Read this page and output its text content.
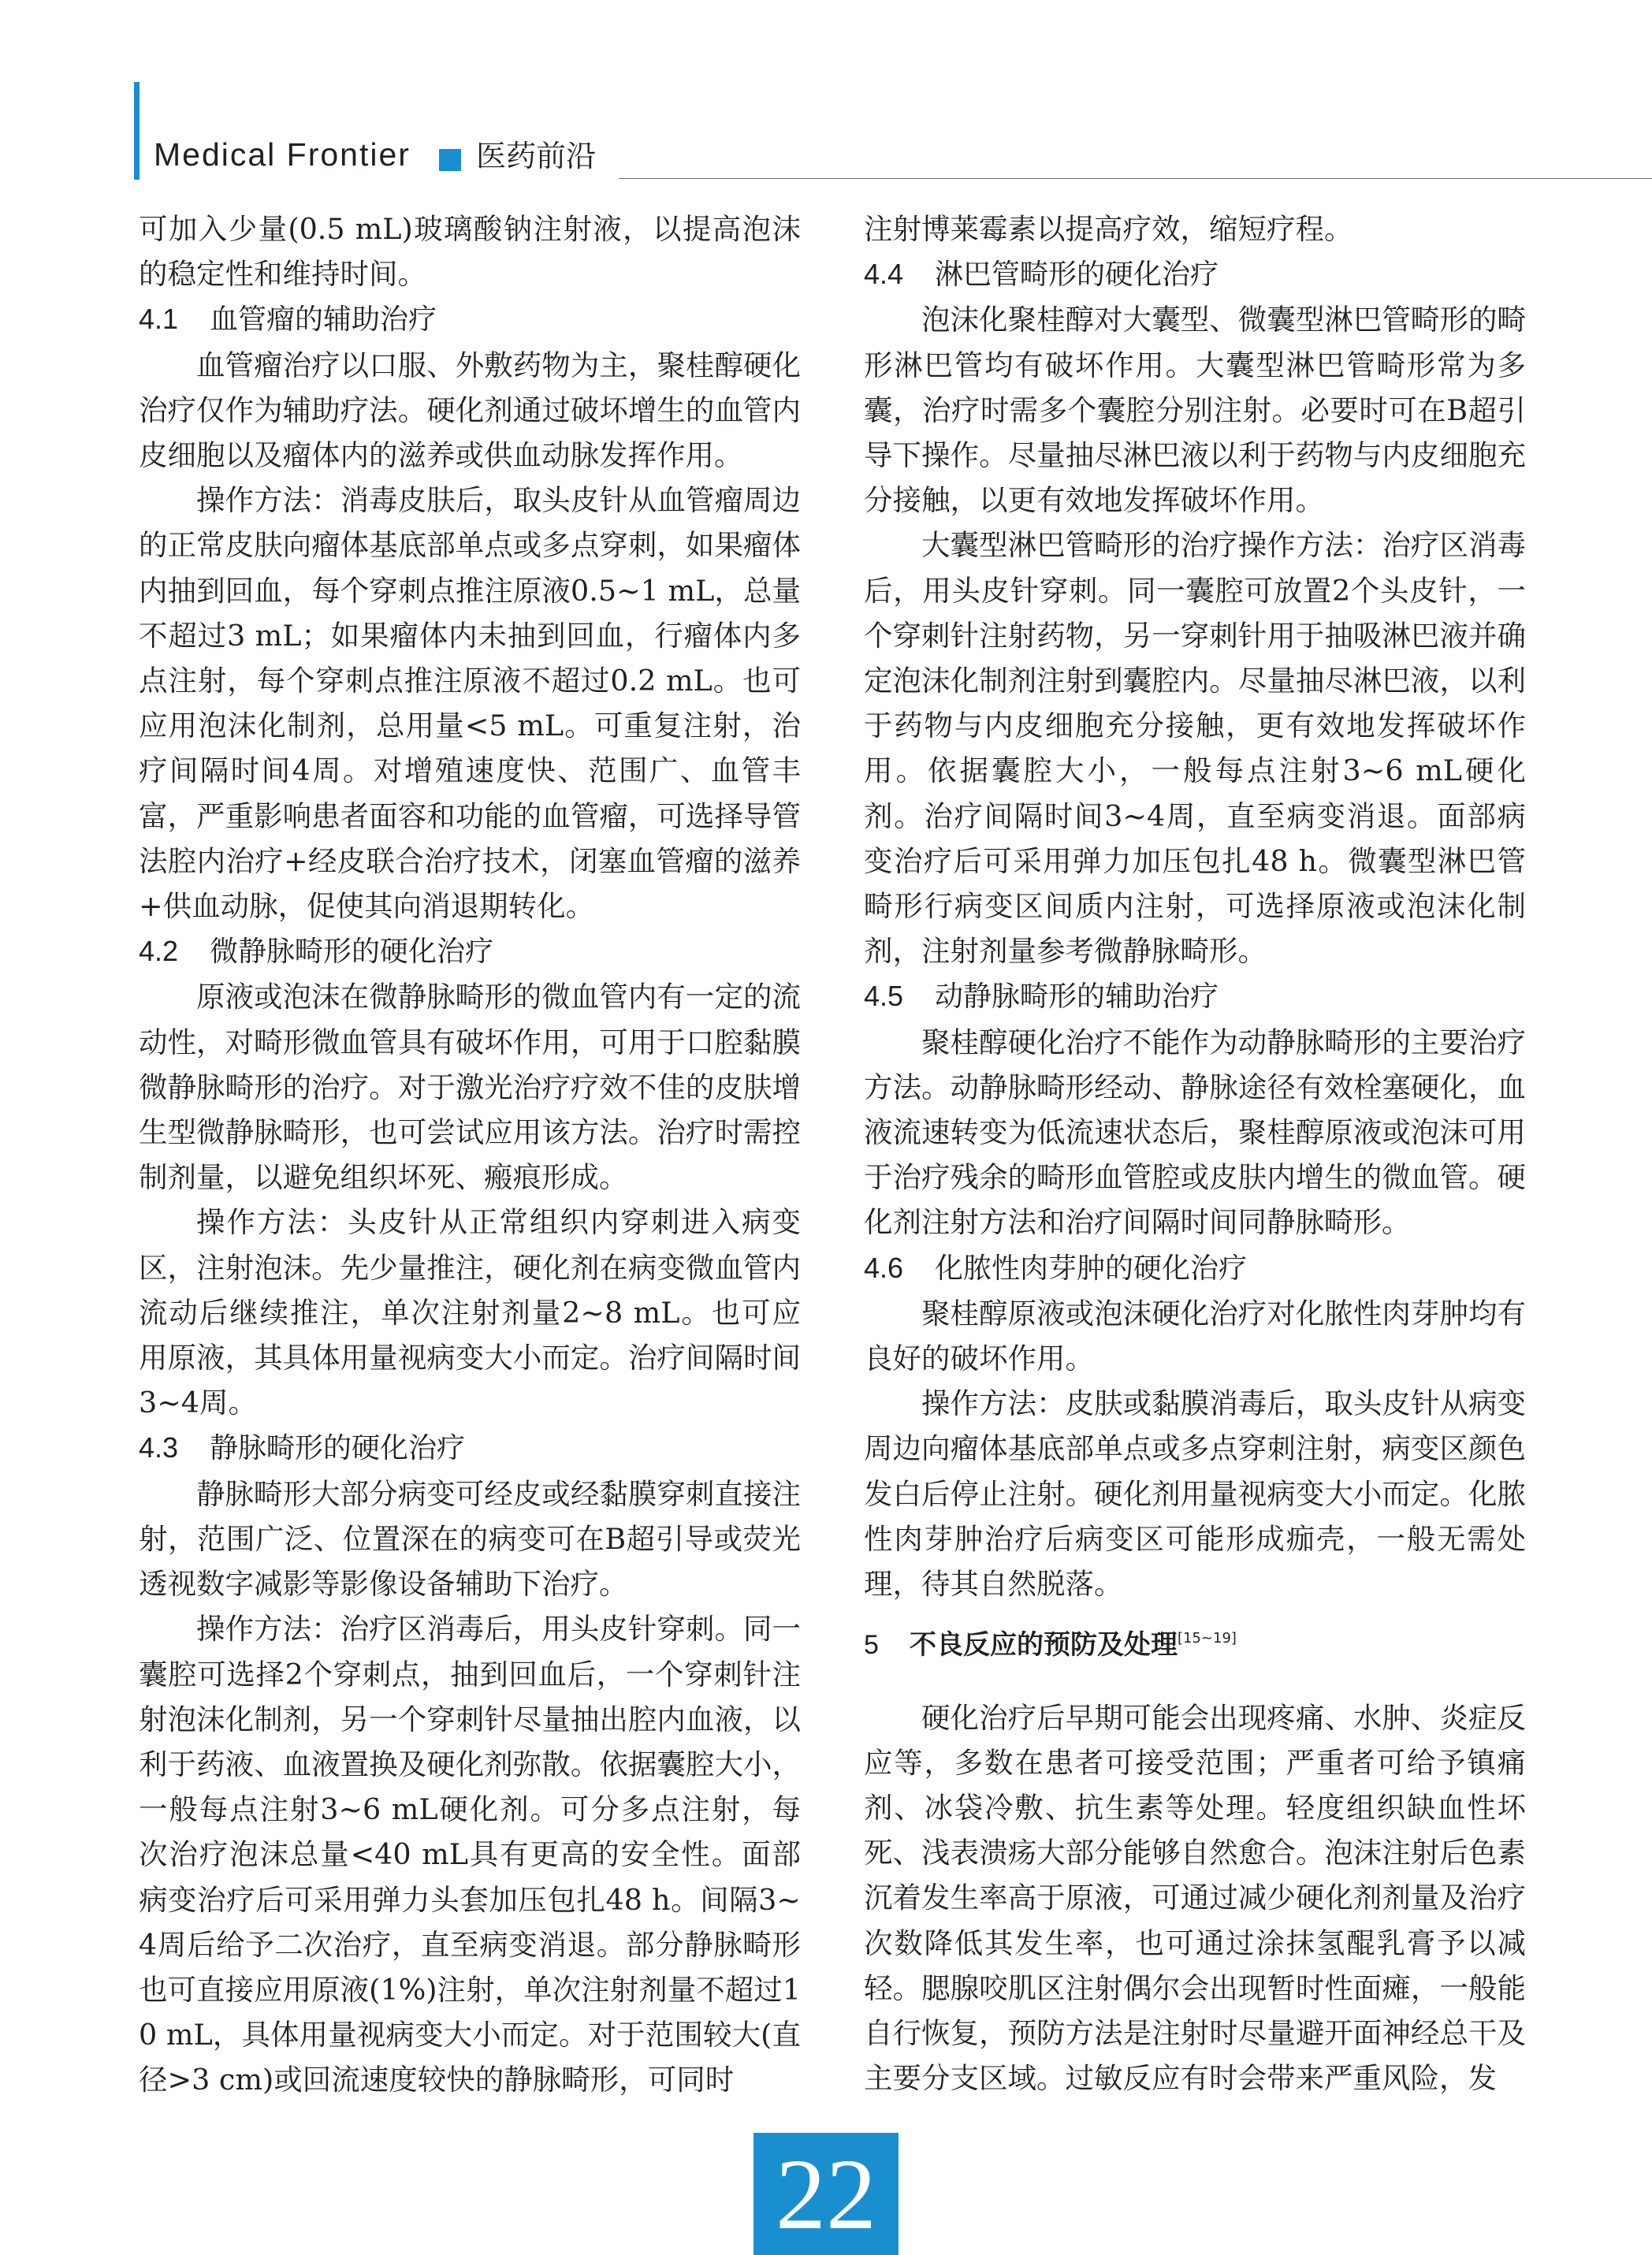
Medical Frontier 医药前沿

可加入少量(0.5 mL)玻璃酸钠注射液，以提高泡沫的稳定性和维持时间。

4.1 血管瘤的辅助治疗

血管瘤治疗以口服、外敷药物为主，聚桂醇硬化治疗仅作为辅助疗法。硬化剂通过破坏增生的血管内皮细胞以及瘤体内的滋养或供血动脉发挥作用。

操作方法：消毒皮肤后，取头皮针从血管瘤周边的正常皮肤向瘤体基底部单点或多点穿刺，如果瘤体内抽到回血，每个穿刺点推注原液0.5~1 mL，总量不超过3 mL；如果瘤体内未抽到回血，行瘤体内多点注射，每个穿刺点推注原液不超过0.2 mL。也可应用泡沫化制剂，总用量<5 mL。可重复注射，治疗间隔时间4周。对增殖速度快、范围广、血管丰富，严重影响患者面容和功能的血管瘤，可选择导管法腔内治疗+经皮联合治疗技术，闭塞血管瘤的滋养+供血动脉，促使其向消退期转化。

4.2 微静脉畸形的硬化治疗

原液或泡沫在微静脉畸形的微血管内有一定的流动性，对畸形微血管具有破坏作用，可用于口腔黏膜微静脉畸形的治疗。对于激光治疗疗效不佳的皮肤增生型微静脉畸形，也可尝试应用该方法。治疗时需控制剂量，以避免组织坏死、瘢痕形成。

操作方法：头皮针从正常组织内穿刺进入病变区，注射泡沫。先少量推注，硬化剂在病变微血管内流动后继续推注，单次注射剂量2~8 mL。也可应用原液，其具体用量视病变大小而定。治疗间隔时间3~4周。

4.3 静脉畸形的硬化治疗

静脉畸形大部分病变可经皮或经黏膜穿刺直接注射，范围广泛、位置深在的病变可在B超引导或荧光透视数字减影等影像设备辅助下治疗。

操作方法：治疗区消毒后，用头皮针穿刺。同一囊腔可选择2个穿刺点，抽到回血后，一个穿刺针注射泡沫化制剂，另一个穿刺针尽量抽出腔内血液，以利于药液、血液置换及硬化剂弥散。依据囊腔大小，一般每点注射3~6 mL硬化剂。可分多点注射，每次治疗泡沫总量<40 mL具有更高的安全性。面部病变治疗后可采用弹力头套加压包扎48 h。间隔3~4周后给予二次治疗，直至病变消退。部分静脉畸形也可直接应用原液(1%)注射，单次注射剂量不超过10 mL，具体用量视病变大小而定。对于范围较大(直径>3 cm)或回流速度较快的静脉畸形，可同时

注射博莱霉素以提高疗效，缩短疗程。

4.4 淋巴管畸形的硬化治疗

泡沫化聚桂醇对大囊型、微囊型淋巴管畸形的畸形淋巴管均有破坏作用。大囊型淋巴管畸形常为多囊，治疗时需多个囊腔分别注射。必要时可在B超引导下操作。尽量抽尽淋巴液以利于药物与内皮细胞充分接触，以更有效地发挥破坏作用。

大囊型淋巴管畸形的治疗操作方法：治疗区消毒后，用头皮针穿刺。同一囊腔可放置2个头皮针，一个穿刺针注射药物，另一穿刺针用于抽吸淋巴液并确定泡沫化制剂注射到囊腔内。尽量抽尽淋巴液，以利于药物与内皮细胞充分接触，更有效地发挥破坏作用。依据囊腔大小，一般每点注射3~6 mL硬化剂。治疗间隔时间3~4周，直至病变消退。面部病变治疗后可采用弹力加压包扎48 h。微囊型淋巴管畸形行病变区间质内注射，可选择原液或泡沫化制剂，注射剂量参考微静脉畸形。

4.5 动静脉畸形的辅助治疗

聚桂醇硬化治疗不能作为动静脉畸形的主要治疗方法。动静脉畸形经动、静脉途径有效栓塞硬化，血液流速转变为低流速状态后，聚桂醇原液或泡沫可用于治疗残余的畸形血管腔或皮肤内增生的微血管。硬化剂注射方法和治疗间隔时间同静脉畸形。

4.6 化脓性肉芽肿的硬化治疗

聚桂醇原液或泡沫硬化治疗对化脓性肉芽肿均有良好的破坏作用。

操作方法：皮肤或黏膜消毒后，取头皮针从病变周边向瘤体基底部单点或多点穿刺注射，病变区颜色发白后停止注射。硬化剂用量视病变大小而定。化脓性肉芽肿治疗后病变区可能形成痂壳，一般无需处理，待其自然脱落。

5 不良反应的预防及处理[15~19]

硬化治疗后早期可能会出现疼痛、水肿、炎症反应等，多数在患者可接受范围；严重者可给予镇痛剂、冰袋冷敷、抗生素等处理。轻度组织缺血性坏死、浅表溃疡大部分能够自然愈合。泡沫注射后色素沉着发生率高于原液，可通过减少硬化剂剂量及治疗次数降低其发生率，也可通过涂抹氢醌乳膏予以减轻。腮腺咬肌区注射偶尔会出现暂时性面瘫，一般能自行恢复，预防方法是注射时尽量避开面神经总干及主要分支区域。过敏反应有时会带来严重风险，发

22
